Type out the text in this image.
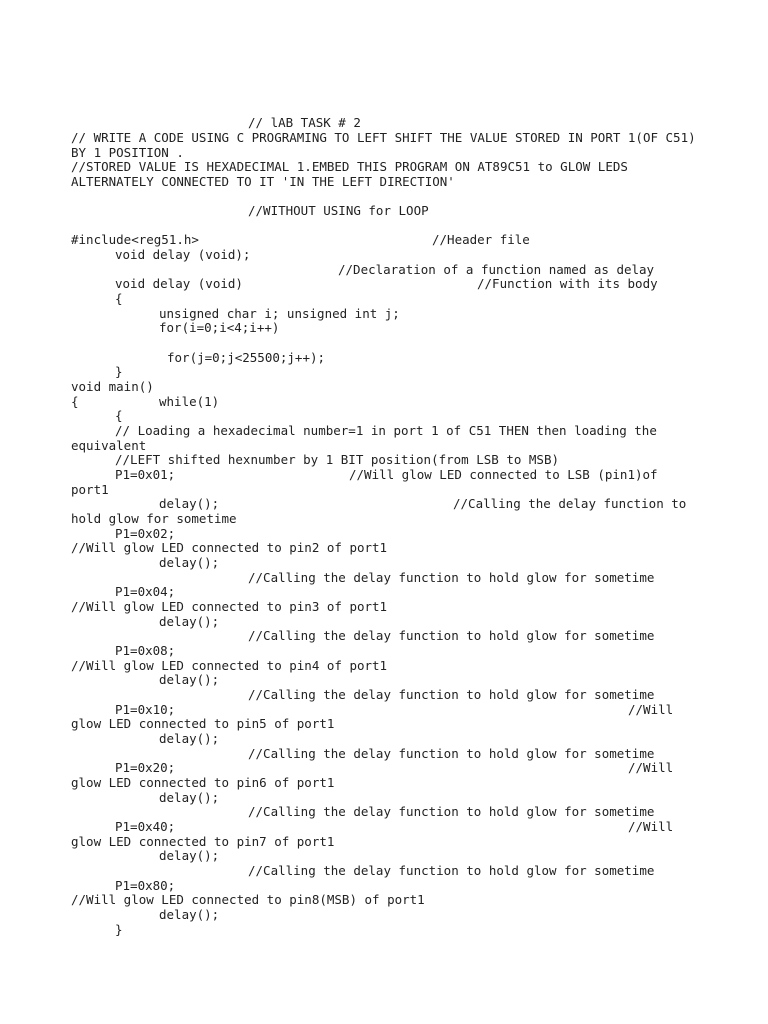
// lAB TASK # 2
// WRITE A CODE USING C PROGRAMING TO LEFT SHIFT THE VALUE STORED IN PORT 1(OF C51)
BY 1 POSITION .
//STORED VALUE IS HEXADECIMAL 1.EMBED THIS PROGRAM ON AT89C51 to GLOW LEDS
ALTERNATELY CONNECTED TO IT 'IN THE LEFT DIRECTION'
//WITHOUT USING for LOOP
#include<reg51.h>	//Header file
void delay (void);
//Declaration of a function named as delay
void delay (void)	//Function with its body
{
unsigned char i; unsigned int j;
for(i=0;i<4;i++)
for(j=0;j<25500;j++);
}
void main()
{	while(1)
{
// Loading a hexadecimal number=1 in port 1 of C51 THEN then loading the
equivalent
//LEFT shifted hexnumber by 1 BIT position(from LSB to MSB)
P1=0x01;	//Will glow LED connected to LSB (pin1)of
port1
delay();	//Calling the delay function to
hold glow for sometime
P1=0x02;
//Will glow LED connected to pin2 of port1
delay();
//Calling the delay function to hold glow for sometime
P1=0x04;
//Will glow LED connected to pin3 of port1
delay();
//Calling the delay function to hold glow for sometime
P1=0x08;
//Will glow LED connected to pin4 of port1
delay();
//Calling the delay function to hold glow for sometime
P1=0x10;	//Will
glow LED connected to pin5 of port1
delay();
//Calling the delay function to hold glow for sometime
P1=0x20;	//Will
glow LED connected to pin6 of port1
delay();
//Calling the delay function to hold glow for sometime
P1=0x40;	//Will
glow LED connected to pin7 of port1
delay();
//Calling the delay function to hold glow for sometime
P1=0x80;
//Will glow LED connected to pin8(MSB) of port1
delay();
}
